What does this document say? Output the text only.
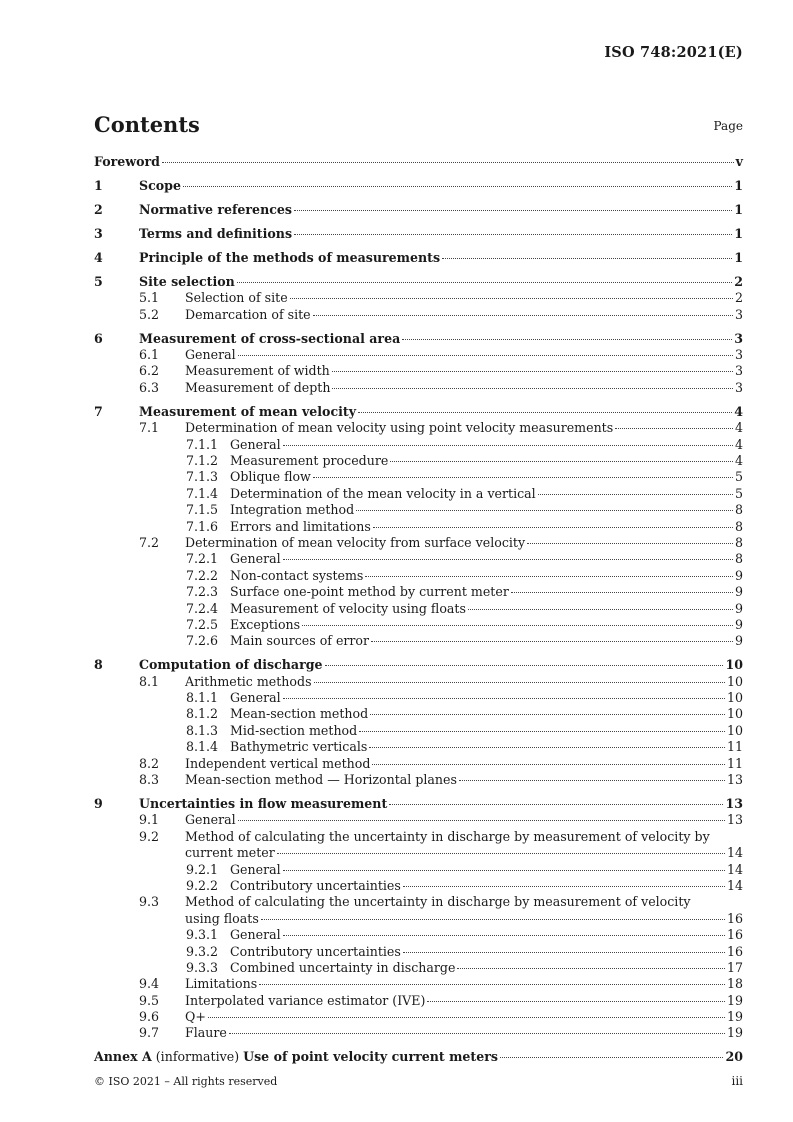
ISO 748:2021(E)
Contents	Page
Foreword	v
1	Scope	1
2	Normative references	1
3	Terms and definitions	1
4	Principle of the methods of measurements	1
5	Site selection	2
5.1 Selection of site	2
5.2 Demarcation of site	3
6	Measurement of cross-sectional area	3
6.1 General	3
6.2 Measurement of width	3
6.3 Measurement of depth	3
7	Measurement of mean velocity	4
7.1 Determination of mean velocity using point velocity measurements	4
7.1.1 General	4
7.1.2 Measurement procedure	4
7.1.3 Oblique flow	5
7.1.4 Determination of the mean velocity in a vertical	5
7.1.5 Integration method	8
7.1.6 Errors and limitations	8
7.2 Determination of mean velocity from surface velocity	8
7.2.1 General	8
7.2.2 Non-contact systems	9
7.2.3 Surface one-point method by current meter	9
7.2.4 Measurement of velocity using floats	9
7.2.5 Exceptions	9
7.2.6 Main sources of error	9
8	Computation of discharge	10
8.1 Arithmetic methods	10
8.1.1 General	10
8.1.2 Mean-section method	10
8.1.3 Mid-section method	10
8.1.4 Bathymetric verticals	11
8.2 Independent vertical method	11
8.3 Mean-section method — Horizontal planes	13
9	Uncertainties in flow measurement	13
9.1 General	13
9.2 Method of calculating the uncertainty in discharge by measurement of velocity by
current meter	14
9.2.1 General	14
9.2.2 Contributory uncertainties	14
9.3 Method of calculating the uncertainty in discharge by measurement of velocity
using floats	16
9.3.1 General	16
9.3.2 Contributory uncertainties	16
9.3.3 Combined uncertainty in discharge	17
9.4 Limitations	18
9.5 Interpolated variance estimator (IVE)	19
9.6 Q+	19
9.7 Flaure	19
Annex A (informative) Use of point velocity current meters	20
© ISO 2021 – All rights reserved	iii
